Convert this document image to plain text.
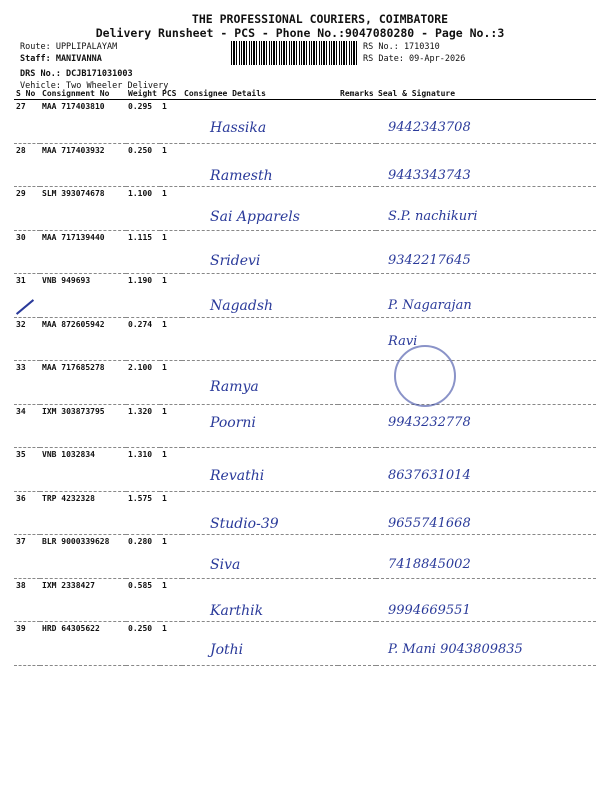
THE PROFESSIONAL COURIERS, COIMBATORE
Delivery Runsheet - PCS - Phone No.:9047080280 - Page No.:3
Route: UPPLIPALAYAM
Staff: MANIVANNA
DRS No.: DCJB171031003
Vehicle: Two Wheeler Delivery
RS No.: 1710310
RS Date: 09-Apr-2026
S No	Consignment No	Weight	PCS	Consignee Details	Remarks	Seal & Signature
27	MAA 717403810	0.295	1	Hassika		9442343708
28	MAA 717403932	0.250	1	Ramesth		9443343743
29	SLM 393074678	1.100	1	Sai Apparels		S.P. nachikuri
30	MAA 717139440	1.115	1	Sridevi		9342217645
31	VNB 949693	1.190	1	Nagadsh		P. Nagarajan
32	MAA 872605942	0.274	1			Ravi
33	MAA 717685278	2.100	1	Ramya		
34	IXM 303873795	1.320	1	Poorni		9943232778
35	VNB 1032834	1.310	1	Revathi		8637631014
36	TRP 4232328	1.575	1	Studio-39		9655741668
37	BLR 9000339628	0.280	1	Siva		7418845002
38	IXM 2338427	0.585	1	Karthik		9994669551
39	HRD 64305622	0.250	1	Jothi		P. Mani 9043809835
